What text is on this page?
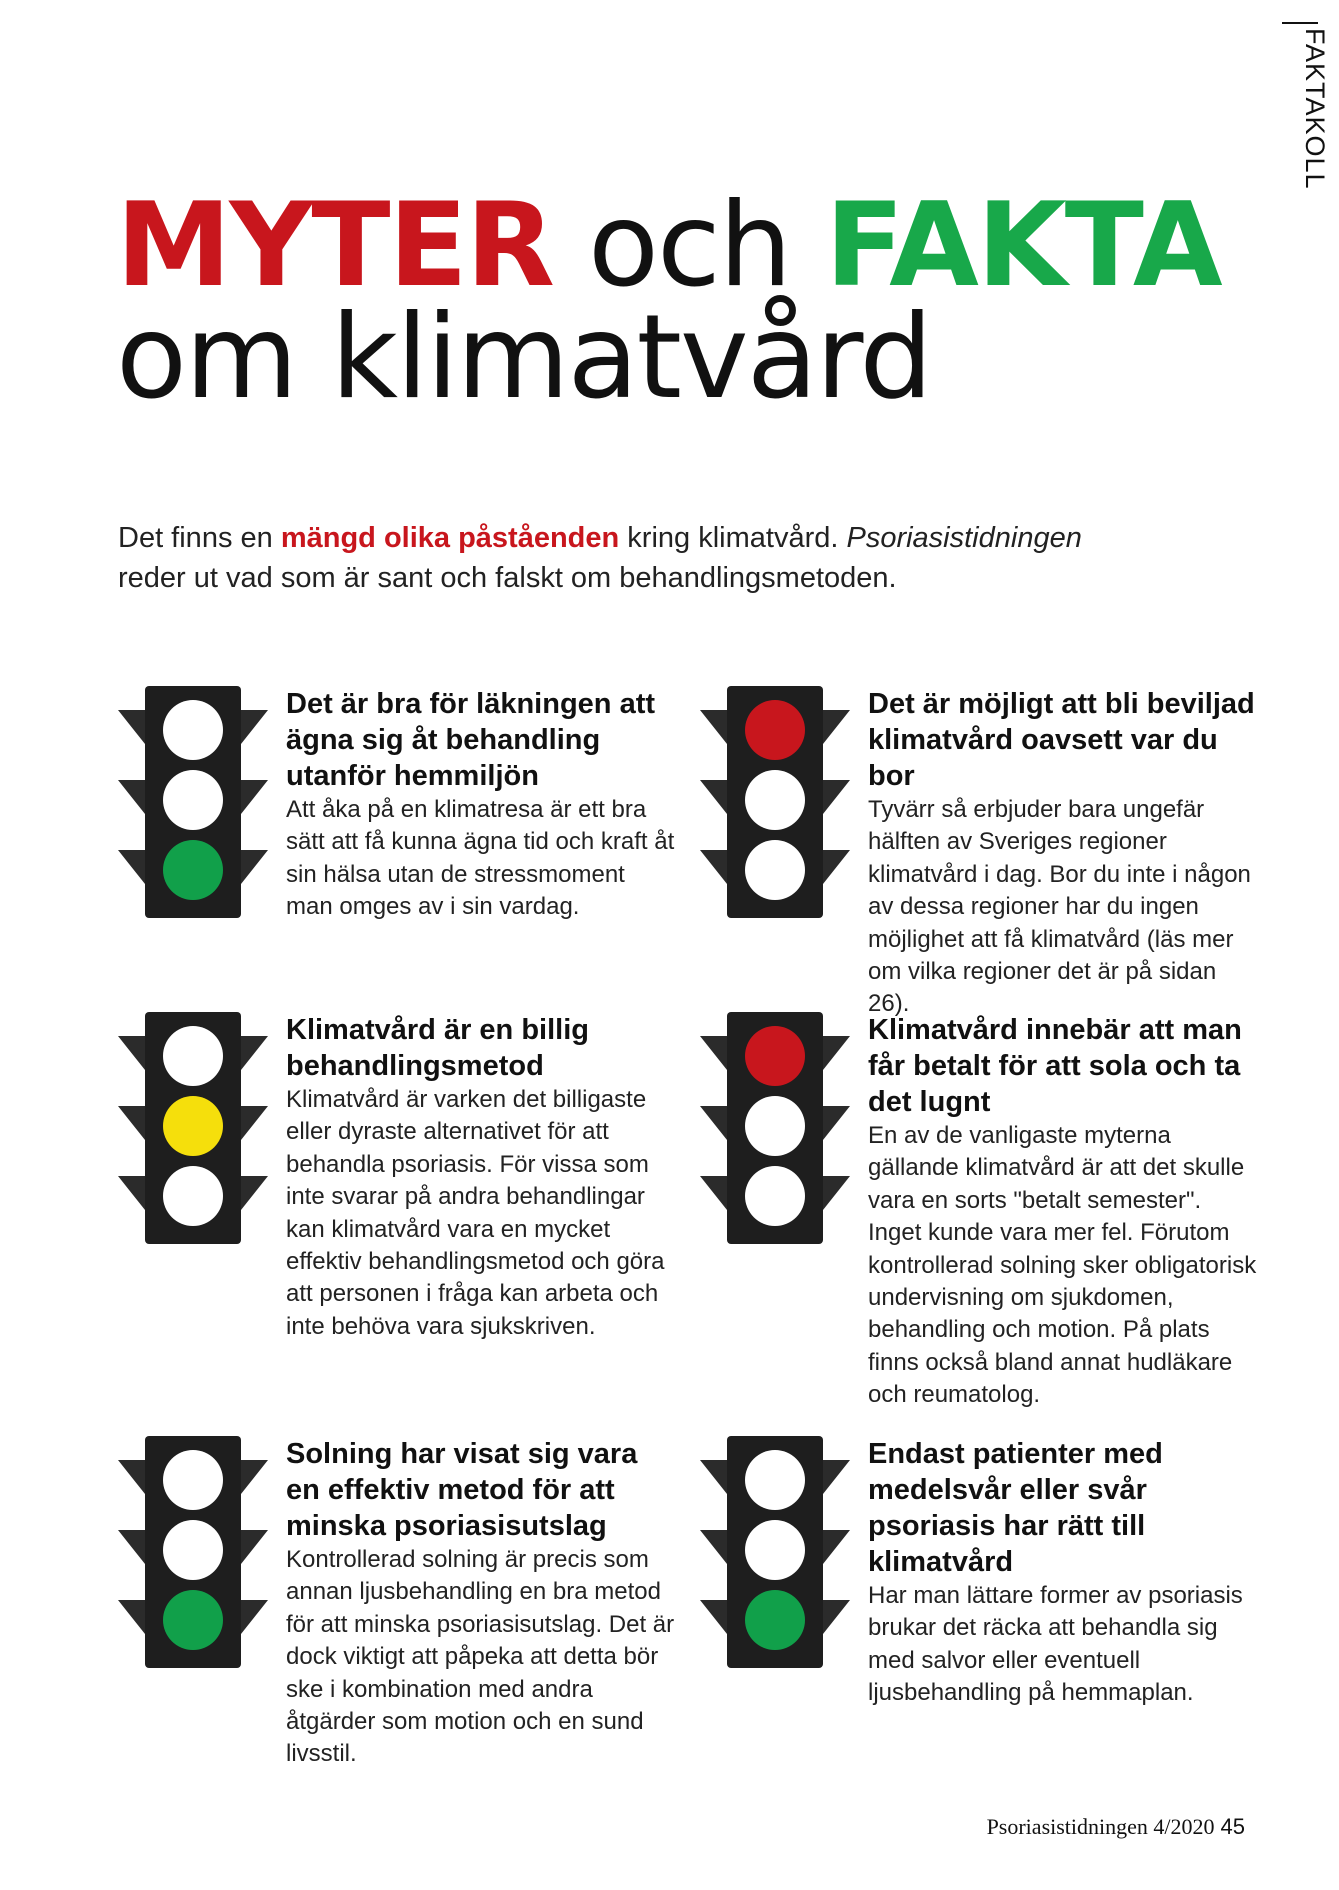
FAKTAKOLL
MYTER och FAKTA
om klimatvård

Det finns en mängd olika påståenden kring klimatvård. Psoriasistidningen reder ut vad som är sant och falskt om behandlingsmetoden.

Det är bra för läkningen att ägna sig åt behandling utanför hemmiljön

Att åka på en klimatresa är ett bra sätt att få kunna ägna tid och kraft åt sin hälsa utan de stressmoment man omges av i sin vardag.

Det är möjligt att bli beviljad klimatvård oavsett var du bor

Tyvärr så erbjuder bara ungefär hälften av Sveriges regioner klimatvård i dag. Bor du inte i någon av dessa regioner har du ingen möjlighet att få klimatvård (läs mer om vilka regioner det är på sidan 26).

Klimatvård är en billig behandlingsmetod

Klimatvård är varken det billigaste eller dyraste alternativet för att behandla psoriasis. För vissa som inte svarar på andra behandlingar kan klimatvård vara en mycket effektiv behandlingsmetod och göra att personen i fråga kan arbeta och inte behöva vara sjukskriven.

Klimatvård innebär att man får betalt för att sola och ta det lugnt

En av de vanligaste myterna gällande klimatvård är att det skulle vara en sorts "betalt semester". Inget kunde vara mer fel. Förutom kontrollerad solning sker obligatorisk undervisning om sjukdomen, behandling och motion. På plats finns också bland annat hudläkare och reumatolog.

Solning har visat sig vara en effektiv metod för att minska psoriasisutslag

Kontrollerad solning är precis som annan ljusbehandling en bra metod för att minska psoriasisutslag. Det är dock viktigt att påpeka att detta bör ske i kombination med andra åtgärder som motion och en sund livsstil.

Endast patienter med medelsvår eller svår psoriasis har rätt till klimatvård

Har man lättare former av psoriasis brukar det räcka att behandla sig med salvor eller eventuell ljusbehandling på hemmaplan.

Psoriasistidningen 4/2020 45
